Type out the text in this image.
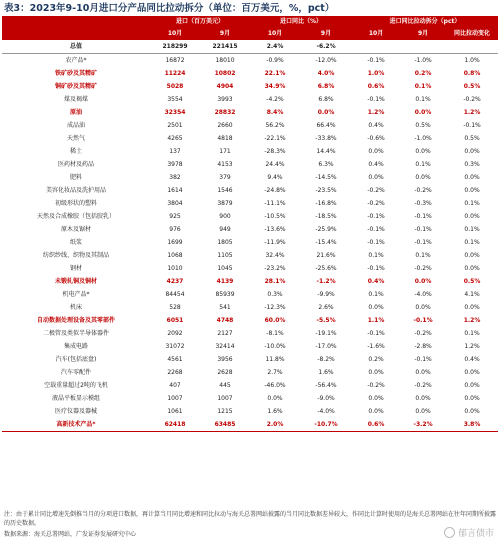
表3：2023年9-10月进口分产品同比拉动拆分（单位：百万美元，%，pct）
	进口（百万美元）		进口同比（%）		进口同比拉动拆分（pct）		
	10月	9月	10月	9月	10月	9月	同比拉动变化
总值	218299	221415	2.4%	-6.2%			
农产品*	16872	18010	-0.9%	-12.0%	-0.1%	-1.0%	1.0%
铁矿砂及其精矿	11224	10802	22.1%	4.0%	1.0%	0.2%	0.8%
铜矿砂及其精矿	5028	4904	34.9%	6.8%	0.6%	0.1%	0.5%
煤及褐煤	3554	3993	-4.2%	6.8%	-0.1%	0.1%	-0.2%
原油	32354	28832	8.4%	0.0%	1.2%	0.0%	1.2%
成品油	2501	2660	56.2%	66.4%	0.4%	0.5%	-0.1%
天然气	4265	4818	-22.1%	-33.8%	-0.6%	-1.0%	0.5%
稀土	137	171	-28.3%	14.4%	0.0%	0.0%	0.0%
医药材及药品	3978	4153	24.4%	6.3%	0.4%	0.1%	0.3%
肥料	382	379	9.4%	-14.5%	0.0%	0.0%	0.0%
美容化妆品及洗护用品	1614	1546	-24.8%	-23.5%	-0.2%	-0.2%	0.0%
初级形状的塑料	3804	3879	-11.1%	-16.8%	-0.2%	-0.3%	0.1%
天然及合成橡胶（包括胶乳）	925	900	-10.5%	-18.5%	-0.1%	-0.1%	0.0%
原木及锯材	976	949	-13.6%	-25.9%	-0.1%	-0.1%	0.1%
纸浆	1699	1805	-11.9%	-15.4%	-0.1%	-0.1%	0.1%
纺织纱线、织物及其制品	1068	1105	32.4%	21.6%	0.1%	0.1%	0.0%
钢材	1010	1045	-23.2%	-25.6%	-0.1%	-0.2%	0.0%
未锻轧铜及铜材	4237	4139	28.1%	-1.2%	0.4%	0.0%	0.5%
机电产品*	84454	85939	0.3%	-9.9%	0.1%	-4.0%	4.1%
机床	528	541	-12.3%	2.6%	0.0%	0.0%	0.0%
自动数据处理设备及其零部件	6051	4748	60.0%	-5.5%	1.1%	-0.1%	1.2%
二极管及类似半导体器件	2092	2127	-8.1%	-19.1%	-0.1%	-0.2%	0.1%
集成电路	31072	32414	-10.0%	-17.0%	-1.6%	-2.8%	1.2%
汽车(包括底盘)	4561	3956	11.8%	-8.2%	0.2%	-0.1%	0.4%
汽车零配件	2268	2628	2.7%	1.6%	0.0%	0.0%	0.0%
空载重量超过2吨的飞机	407	445	-46.0%	-56.4%	-0.2%	-0.2%	0.0%
液晶平板显示模组	1007	1007	0.0%	-9.0%	0.0%	0.0%	0.0%
医疗仪器及器械	1061	1215	1.6%	-4.0%	0.0%	0.0%	0.0%
高新技术产品*	62418	63485	2.0%	-10.7%	0.6%	-3.2%	3.8%
注：由于累计同比增速先倒推当月的分项进口数据，再计算当月同比增速和同比拉动与海关总署网站披露的当月同比数据差异较大，作同比计算时使用的是海关总署网站在往年同期所披露的历史数据。
数据来源：海关总署网站，广发证券发展研究中心	郁言债市
